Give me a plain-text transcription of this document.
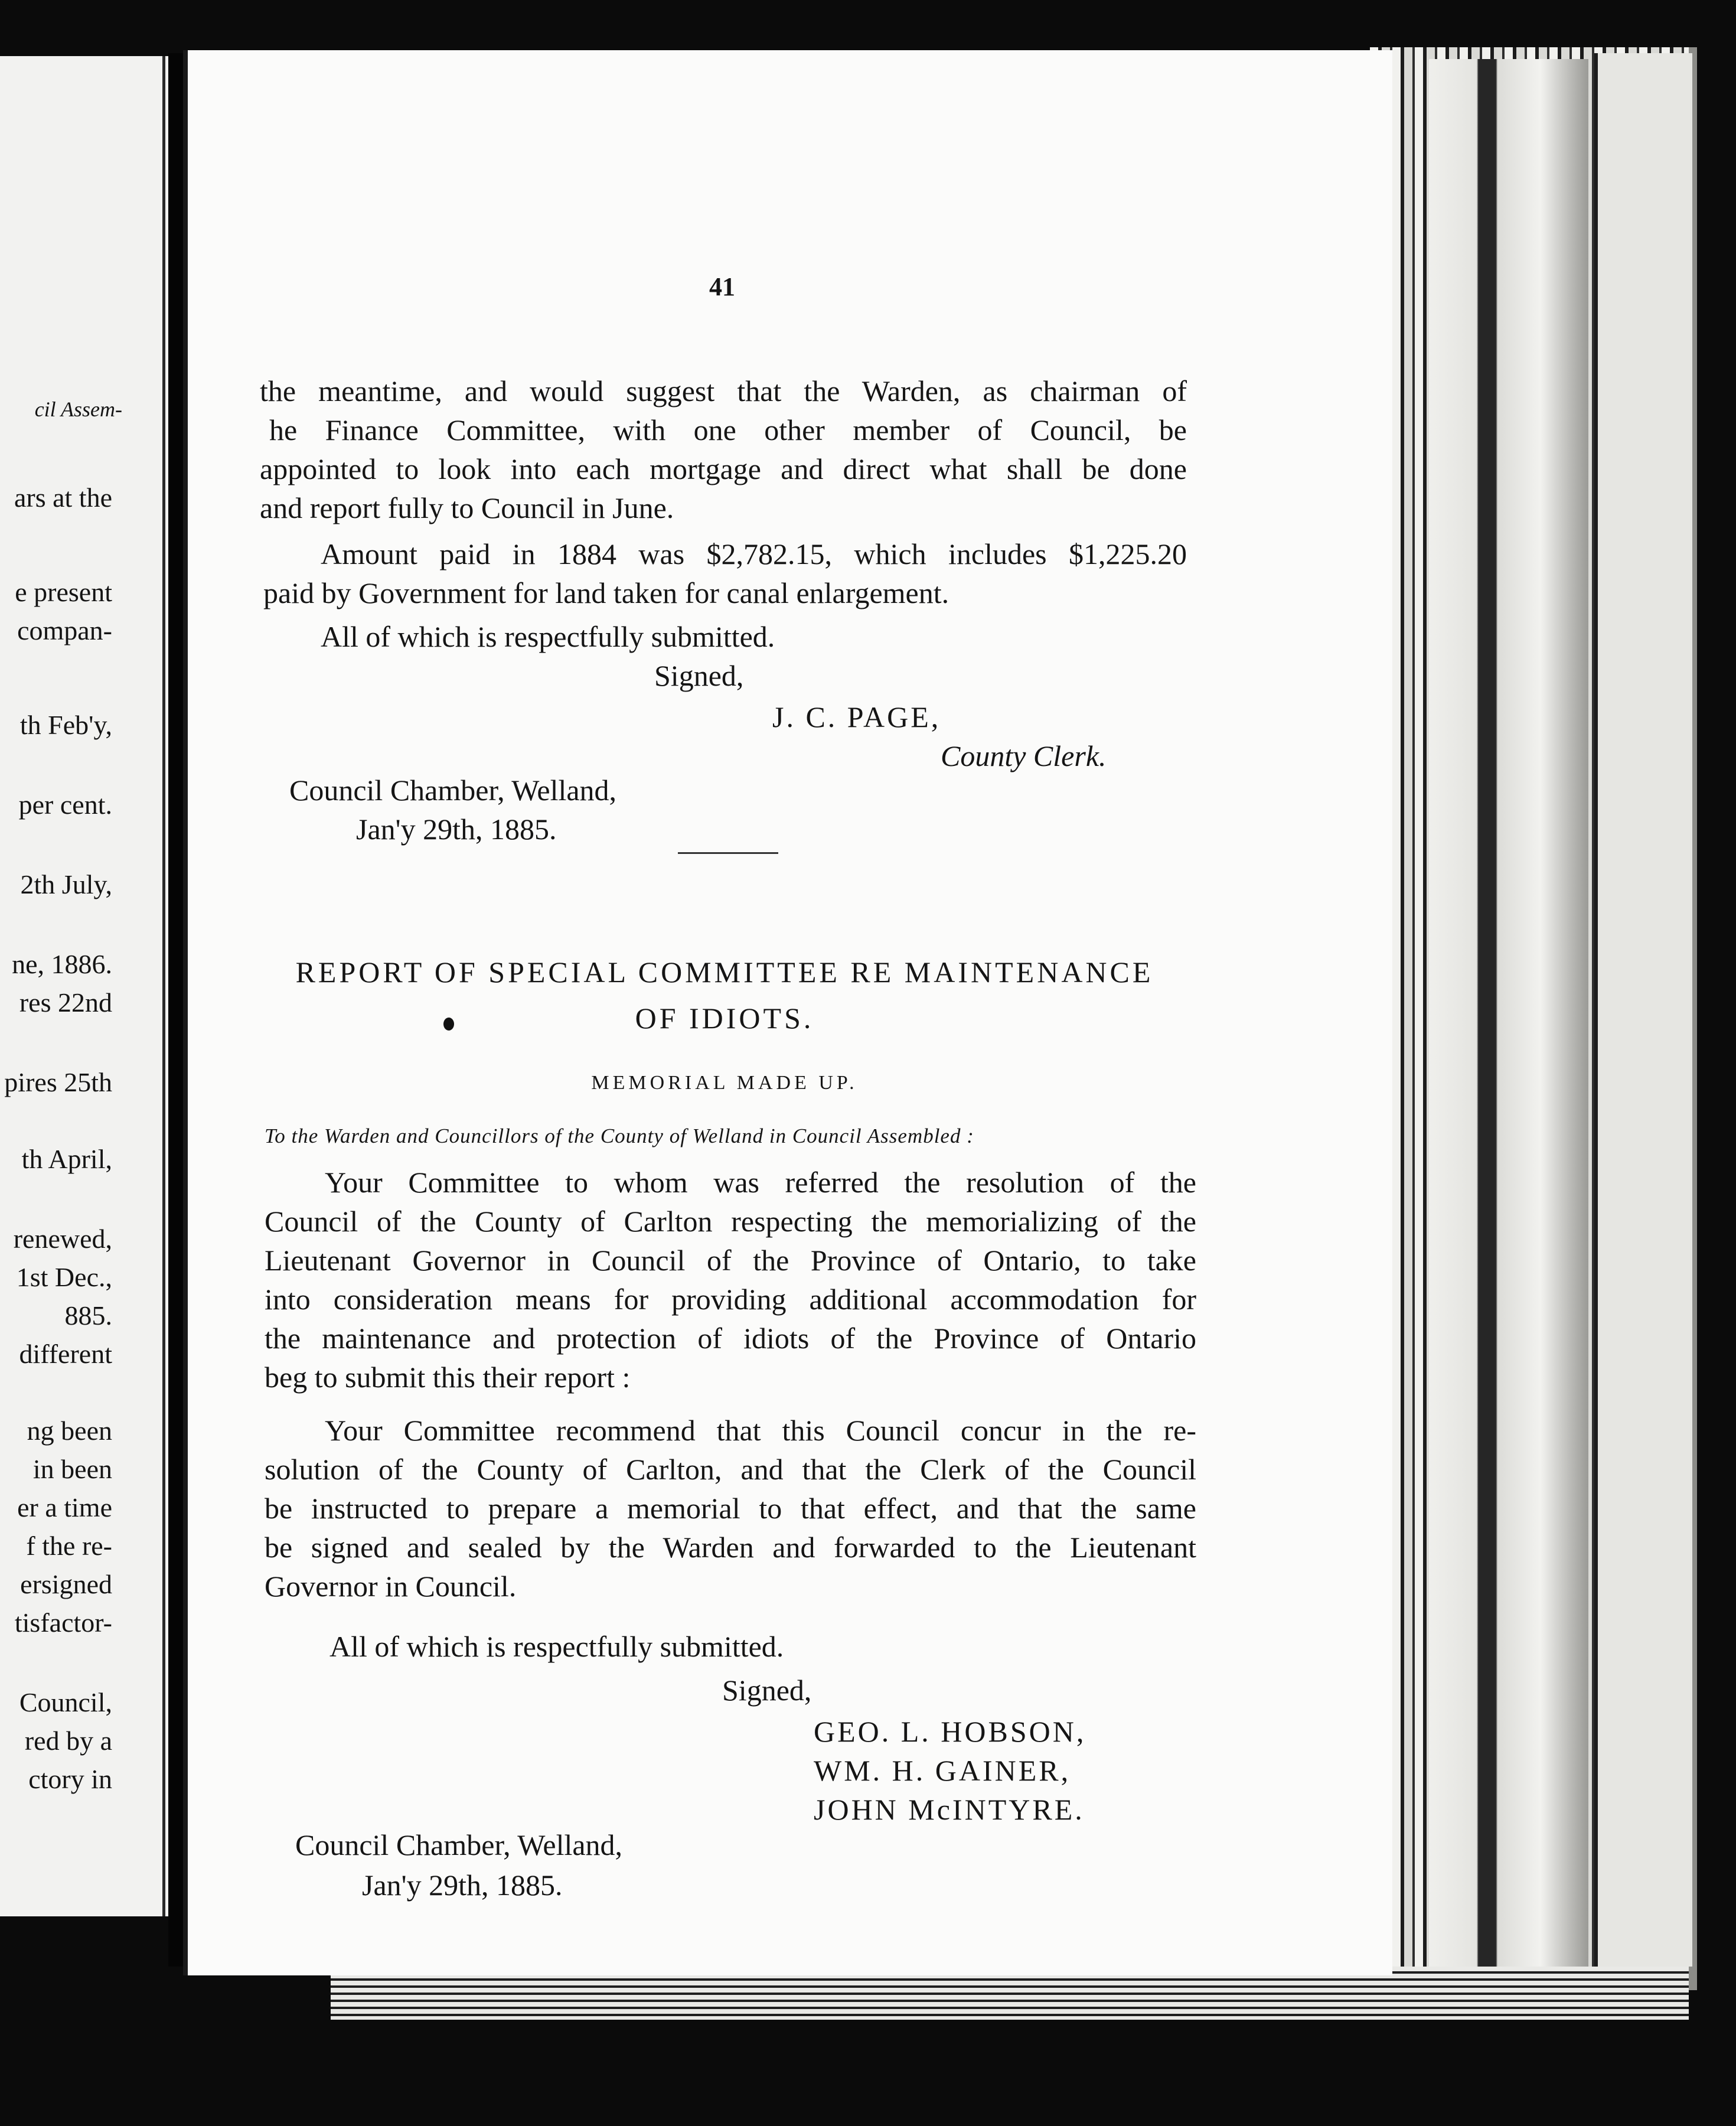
cil Assem-
ars at the
e present
compan-
th Feb'y,
per cent.
2th July,
ne, 1886.
res 22nd
pires 25th
th April,
renewed,
1st Dec.,
885.
different
ng been
in been
er a time
f the re-
ersigned
tisfactor-
Council,
red by a
ctory in
41
the meantime, and would suggest that the Warden, as chairman of
he Finance Committee, with one other member of Council, be
appointed to look into each mortgage and direct what shall be done
and report fully to Council in June.
Amount paid in 1884 was $2,782.15, which includes $1,225.20
paid by Government for land taken for canal enlargement.
All of which is respectfully submitted.
Signed,
J. C. PAGE,
County Clerk.
Council Chamber, Welland,
Jan'y 29th, 1885.
REPORT OF SPECIAL COMMITTEE RE MAINTENANCE
OF IDIOTS.
MEMORIAL MADE UP.
To the Warden and Councillors of the County of Welland in Council Assembled :
Your Committee to whom was referred the resolution of the
Council of the County of Carlton respecting the memorializing of the
Lieutenant Governor in Council of the Province of Ontario, to take
into consideration means for providing additional accommodation for
the maintenance and protection of idiots of the Province of Ontario
beg to submit this their report :
Your Committee recommend that this Council concur in the re-
solution of the County of Carlton, and that the Clerk of the Council
be instructed to prepare a memorial to that effect, and that the same
be signed and sealed by the Warden and forwarded to the Lieutenant
Governor in Council.
All of which is respectfully submitted.
Signed,
GEO. L. HOBSON,
WM. H. GAINER,
JOHN McINTYRE.
Council Chamber, Welland,
Jan'y 29th, 1885.
